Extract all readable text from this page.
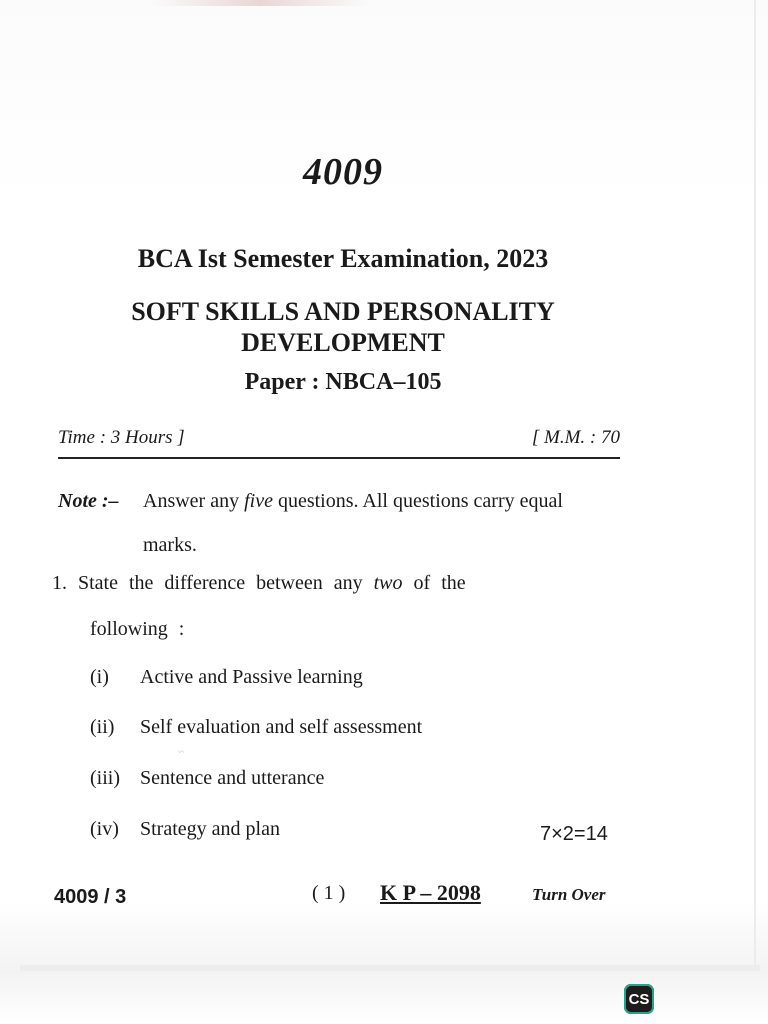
4009
BCA Ist Semester Examination, 2023
SOFT SKILLS AND PERSONALITY
DEVELOPMENT
Paper : NBCA–105
Time : 3 Hours ]	[ M.M. : 70
Note :– Answer any five questions. All questions carry equal
marks.
1. State the difference between any two of the
following :
(i)	Active and Passive learning
(ii)	Self evaluation and self assessment
~
(iii)	Sentence and utterance
(iv)	Strategy and plan	7×2=14
4009 / 3	( 1 ) K P – 2098	Turn Over
CS
